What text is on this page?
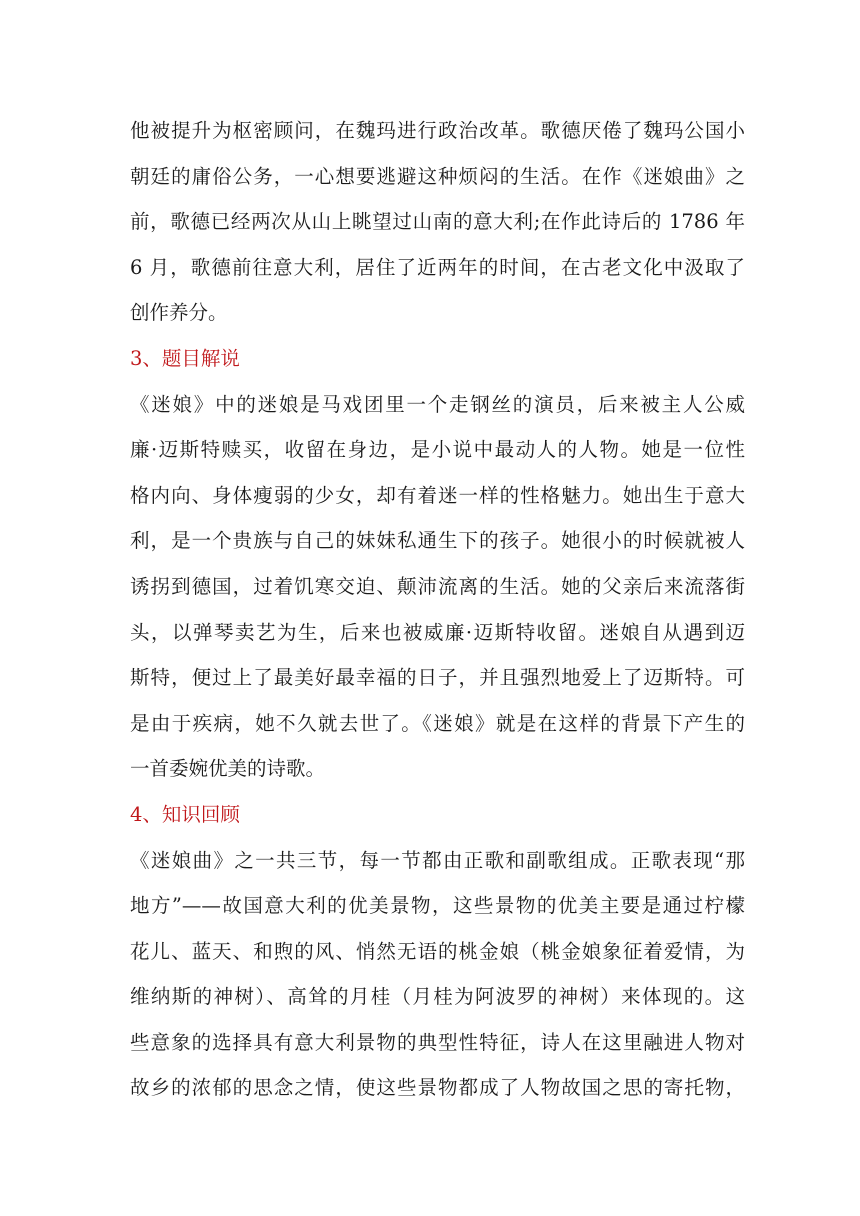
他被提升为枢密顾问，在魏玛进行政治改革。歌德厌倦了魏玛公国小
朝廷的庸俗公务，一心想要逃避这种烦闷的生活。在作《迷娘曲》之
前，歌德已经两次从山上眺望过山南的意大利;在作此诗后的 1786 年
6 月，歌德前往意大利，居住了近两年的时间，在古老文化中汲取了
创作养分。
3、题目解说
《迷娘》中的迷娘是马戏团里一个走钢丝的演员，后来被主人公威
廉·迈斯特赎买，收留在身边，是小说中最动人的人物。她是一位性
格内向、身体瘦弱的少女，却有着迷一样的性格魅力。她出生于意大
利，是一个贵族与自己的妹妹私通生下的孩子。她很小的时候就被人
诱拐到德国，过着饥寒交迫、颠沛流离的生活。她的父亲后来流落街
头，以弹琴卖艺为生，后来也被威廉·迈斯特收留。迷娘自从遇到迈
斯特，便过上了最美好最幸福的日子，并且强烈地爱上了迈斯特。可
是由于疾病，她不久就去世了。《迷娘》就是在这样的背景下产生的
一首委婉优美的诗歌。
4、知识回顾
《迷娘曲》之一共三节，每一节都由正歌和副歌组成。正歌表现“那
地方”——故国意大利的优美景物，这些景物的优美主要是通过柠檬
花儿、蓝天、和煦的风、悄然无语的桃金娘（桃金娘象征着爱情，为
维纳斯的神树）、高耸的月桂（月桂为阿波罗的神树）来体现的。这
些意象的选择具有意大利景物的典型性特征，诗人在这里融进人物对
故乡的浓郁的思念之情，使这些景物都成了人物故国之思的寄托物，
